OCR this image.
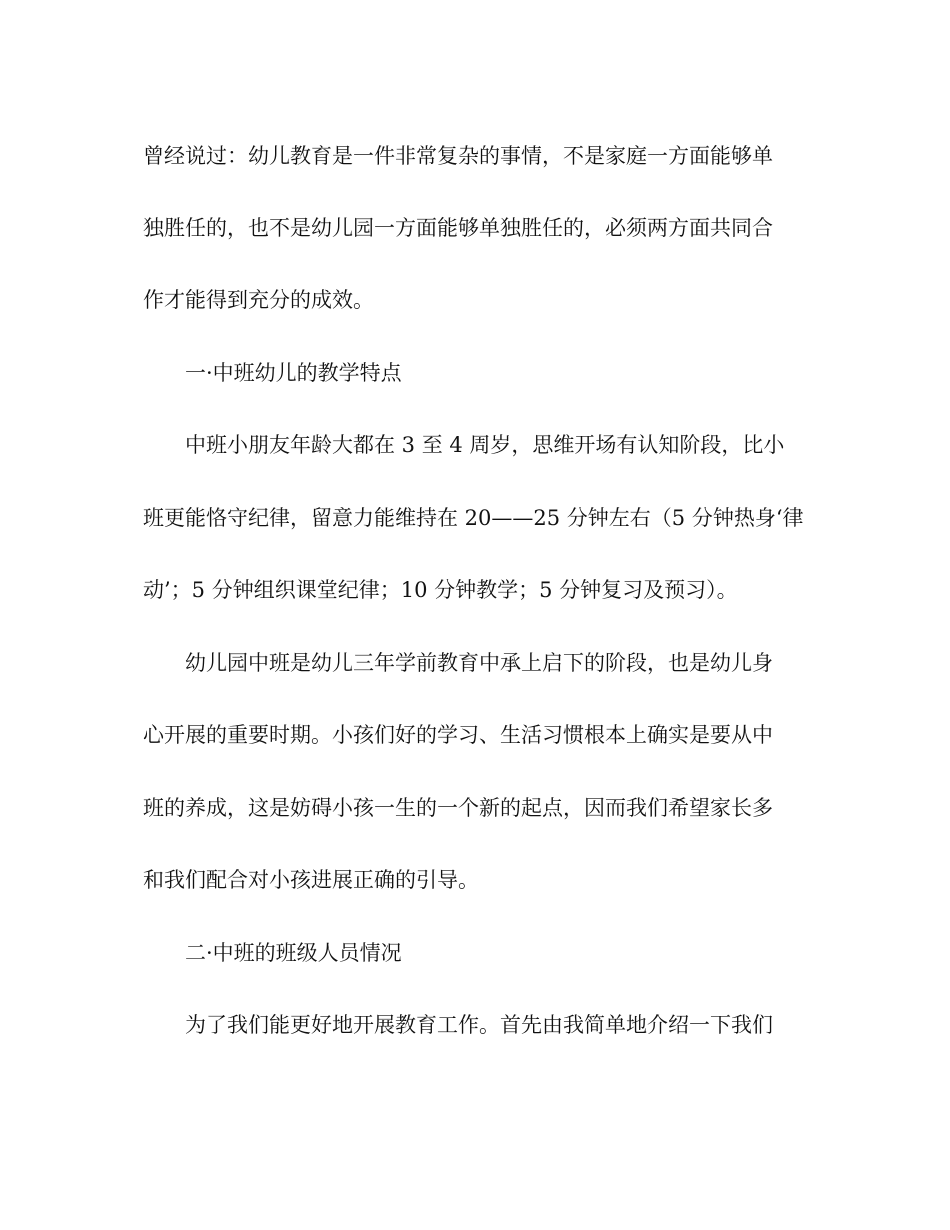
曾经说过：幼儿教育是一件非常复杂的事情，不是家庭一方面能够单
独胜任的，也不是幼儿园一方面能够单独胜任的，必须两方面共同合
作才能得到充分的成效。
一·中班幼儿的教学特点
中班小朋友年龄大都在 3 至 4 周岁，思维开场有认知阶段，比小
班更能恪守纪律，留意力能维持在 20——25 分钟左右（5 分钟热身‘律
动’；5 分钟组织课堂纪律；10 分钟教学；5 分钟复习及预习）。
幼儿园中班是幼儿三年学前教育中承上启下的阶段，也是幼儿身
心开展的重要时期。小孩们好的学习、生活习惯根本上确实是要从中
班的养成，这是妨碍小孩一生的一个新的起点，因而我们希望家长多
和我们配合对小孩进展正确的引导。
二·中班的班级人员情况
为了我们能更好地开展教育工作。首先由我简单地介绍一下我们
